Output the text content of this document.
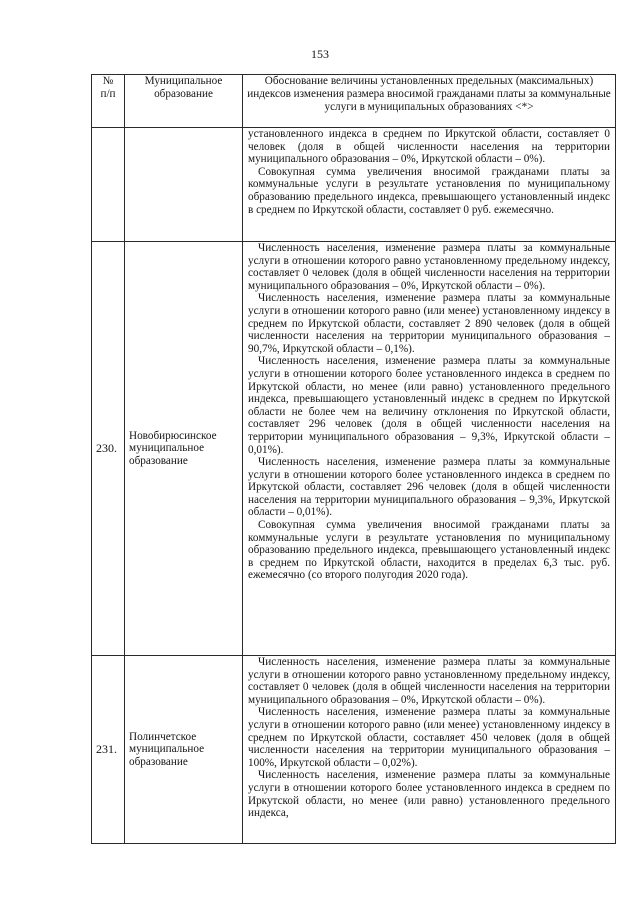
153
№
п/п	Муниципальное образование	Обоснование величины установленных предельных (максимальных) индексов изменения размера вносимой гражданами платы за коммунальные услуги в муниципальных образованиях <*>

		установленного индекса в среднем по Иркутской области, составляет 0 человек (доля в общей численности населения на территории муниципального образования – 0%, Иркутской области – 0%).

Совокупная сумма увеличения вносимой гражданами платы за коммунальные услуги в результате установления по муниципальному образованию предельного индекса, превышающего установленный индекс в среднем по Иркутской области, составляет 0 руб. ежемесячно.

230.	Новобирюсинское муниципальное образование	Численность населения, изменение размера платы за коммунальные услуги в отношении которого равно установленному предельному индексу, составляет 0 человек (доля в общей численности населения на территории муниципального образования – 0%, Иркутской области – 0%).

Численность населения, изменение размера платы за коммунальные услуги в отношении которого равно (или менее) установленному индексу в среднем по Иркутской области, составляет 2 890 человек (доля в общей численности населения на территории муниципального образования – 90,7%, Иркутской области – 0,1%).

Численность населения, изменение размера платы за коммунальные услуги в отношении которого более установленного индекса в среднем по Иркутской области, но менее (или равно) установленного предельного индекса, превышающего установленный индекс в среднем по Иркутской области не более чем на величину отклонения по Иркутской области, составляет 296 человек (доля в общей численности населения на территории муниципального образования – 9,3%, Иркутской области – 0,01%).

Численность населения, изменение размера платы за коммунальные услуги в отношении которого более установленного индекса в среднем по Иркутской области, составляет 296 человек (доля в общей численности населения на территории муниципального образования – 9,3%, Иркутской области – 0,01%).

Совокупная сумма увеличения вносимой гражданами платы за коммунальные услуги в результате установления по муниципальному образованию предельного индекса, превышающего установленный индекс в среднем по Иркутской области, находится в пределах 6,3 тыс. руб. ежемесячно (со второго полугодия 2020 года).

231.	Полинчетское муниципальное образование	Численность населения, изменение размера платы за коммунальные услуги в отношении которого равно установленному предельному индексу, составляет 0 человек (доля в общей численности населения на территории муниципального образования – 0%, Иркутской области – 0%).

Численность населения, изменение размера платы за коммунальные услуги в отношении которого равно (или менее) установленному индексу в среднем по Иркутской области, составляет 450 человек (доля в общей численности населения на территории муниципального образования – 100%, Иркутской области – 0,02%).

Численность населения, изменение размера платы за коммунальные услуги в отношении которого более установленного индекса в среднем по Иркутской области, но менее (или равно) установленного предельного индекса,
